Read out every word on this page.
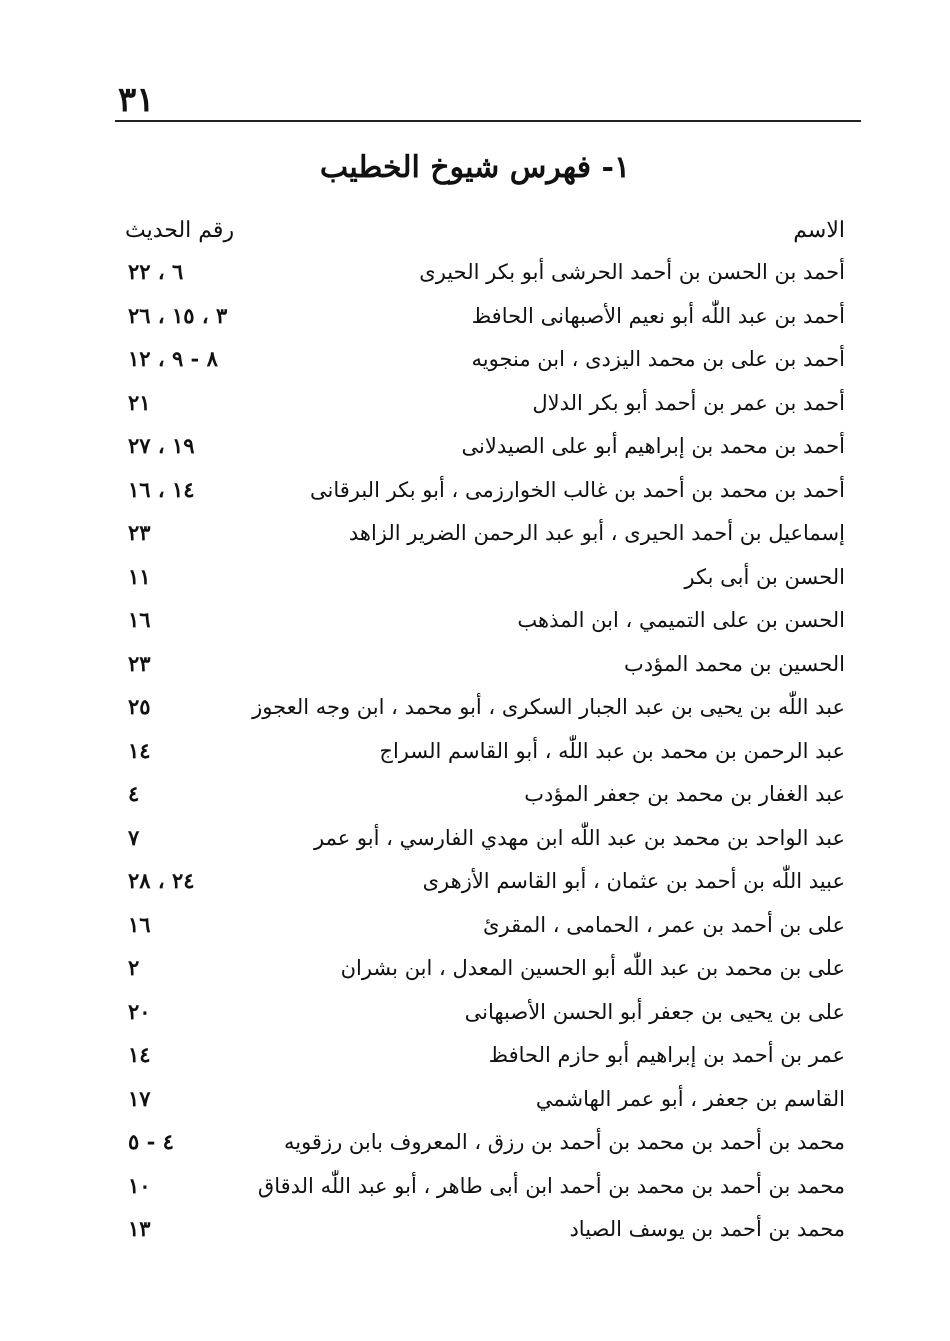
٣١
١- فهرس شيوخ الخطيب
الاسم
رقم الحديث
أحمد بن الحسن بن أحمد الحرشى أبو بكر الحيرى
٦ ، ٢٢
أحمد بن عبد اللّٰه أبو نعيم الأصبهانى الحافظ
٣ ، ١٥ ، ٢٦
أحمد بن على بن محمد اليزدى ، ابن منجويه
٨ - ٩ ، ١٢
أحمد بن عمر بن أحمد أبو بكر الدلال
٢١
أحمد بن محمد بن إبراهيم أبو على الصيدلانى
١٩ ، ٢٧
أحمد بن محمد بن أحمد بن غالب الخوارزمى ، أبو بكر البرقانى
١٤ ، ١٦
إسماعيل بن أحمد الحيرى ، أبو عبد الرحمن الضرير الزاهد
٢٣
الحسن بن أبى بكر
١١
الحسن بن على التميمي ، ابن المذهب
١٦
الحسين بن محمد المؤدب
٢٣
عبد اللّٰه بن يحيى بن عبد الجبار السكرى ، أبو محمد ، ابن وجه العجوز
٢٥
عبد الرحمن بن محمد بن عبد اللّٰه ، أبو القاسم السراج
١٤
عبد الغفار بن محمد بن جعفر المؤدب
٤
عبد الواحد بن محمد بن عبد اللّٰه ابن مهدي الفارسي ، أبو عمر
٧
عبيد اللّٰه بن أحمد بن عثمان ، أبو القاسم الأزهرى
٢٤ ، ٢٨
على بن أحمد بن عمر ، الحمامى ، المقرئ
١٦
على بن محمد بن عبد اللّٰه أبو الحسين المعدل ، ابن بشران
٢
على بن يحيى بن جعفر أبو الحسن الأصبهانى
٢٠
عمر بن أحمد بن إبراهيم أبو حازم الحافظ
١٤
القاسم بن جعفر ، أبو عمر الهاشمي
١٧
محمد بن أحمد بن محمد بن أحمد بن رزق ، المعروف بابن رزقويه
٤ - ٥
محمد بن أحمد بن محمد بن أحمد ابن أبى طاهر ، أبو عبد اللّٰه الدقاق
١٠
محمد بن أحمد بن يوسف الصياد
١٣
